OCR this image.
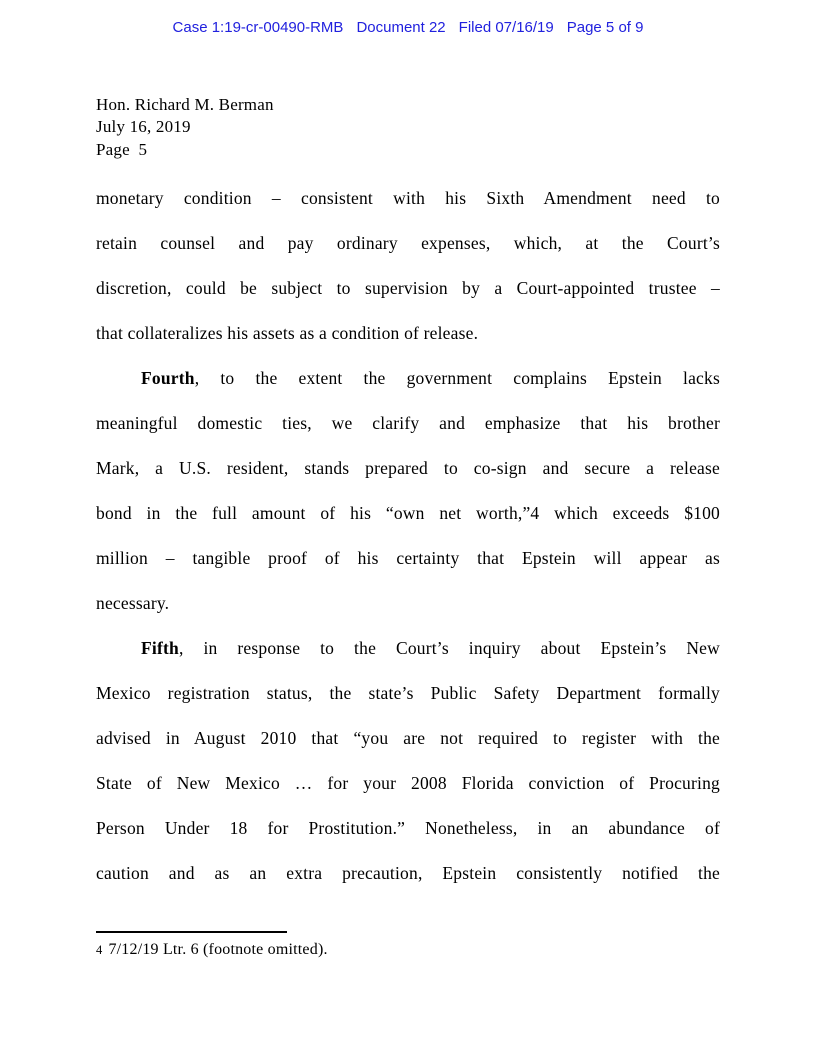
Case 1:19-cr-00490-RMB Document 22 Filed 07/16/19 Page 5 of 9
Hon. Richard M. Berman
July 16, 2019
Page 5
monetary condition – consistent with his Sixth Amendment need to
retain counsel and pay ordinary expenses, which, at the Court’s
discretion, could be subject to supervision by a Court-appointed trustee –
that collateralizes his assets as a condition of release.
Fourth, to the extent the government complains Epstein lacks
meaningful domestic ties, we clarify and emphasize that his brother
Mark, a U.S. resident, stands prepared to co-sign and secure a release
bond in the full amount of his “own net worth,”4 which exceeds $100
million – tangible proof of his certainty that Epstein will appear as
necessary.
Fifth, in response to the Court’s inquiry about Epstein’s New
Mexico registration status, the state’s Public Safety Department formally
advised in August 2010 that “you are not required to register with the
State of New Mexico … for your 2008 Florida conviction of Procuring
Person Under 18 for Prostitution.” Nonetheless, in an abundance of
caution and as an extra precaution, Epstein consistently notified the
4 7/12/19 Ltr. 6 (footnote omitted).
